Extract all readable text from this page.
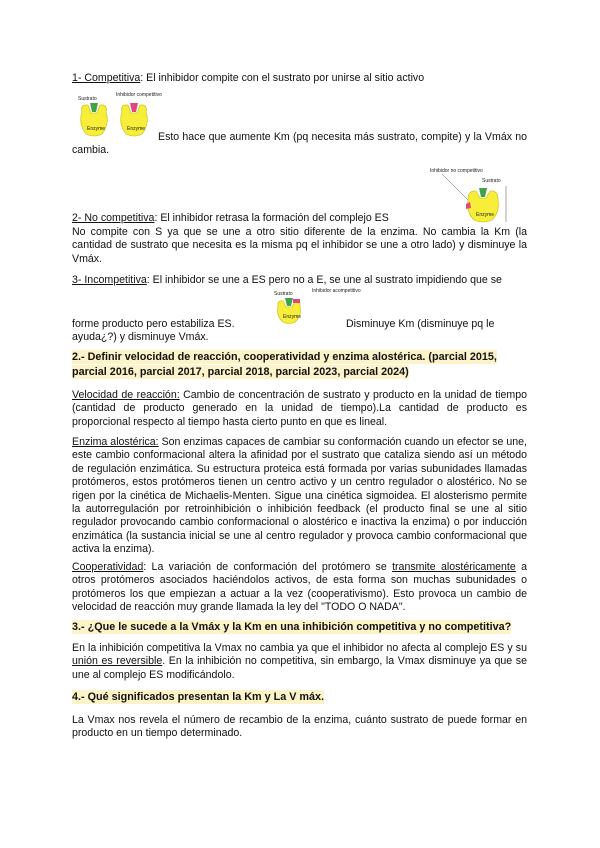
1- Competitiva: El inhibidor compite con el sustrato por unirse al sitio activo

Sustrato
Inhibidor competitivo
Enzyme	Enzyme

Esto hace que aumente Km (pq necesita más sustrato, compite) y la Vmáx no cambia.

Inhibidor no competitivo
Sustrato
Enzyme

2- No competitiva: El inhibidor retrasa la formación del complejo ES

No compite con S ya que se une a otro sitio diferente de la enzima. No cambia la Km (la cantidad de sustrato que necesita es la misma pq el inhibidor se une a otro lado) y disminuye la Vmáx.

3- Incompetitiva: El inhibidor se une a ES pero no a E, se une al sustrato impidiendo que se

Sustrato	Inhibidor acompetitivo
Enzyme

forme producto pero estabiliza ES.	Disminuye Km (disminuye pq le

ayuda¿?) y disminuye Vmáx.

2.- Definir velocidad de reacción, cooperatividad y enzima alostérica. (parcial 2015, parcial 2016, parcial 2017, parcial 2018, parcial 2023, parcial 2024)

Velocidad de reacción: Cambio de concentración de sustrato y producto en la unidad de tiempo (cantidad de producto generado en la unidad de tiempo).La cantidad de producto es proporcional respecto al tiempo hasta cierto punto en que es lineal.

Enzima alostérica: Son enzimas capaces de cambiar su conformación cuando un efector se une, este cambio conformacional altera la afinidad por el sustrato que cataliza siendo así un método de regulación enzimática. Su estructura proteica está formada por varias subunidades llamadas protómeros, estos protómeros tienen un centro activo y un centro regulador o alostérico. No se rigen por la cinética de Michaelis-Menten. Sigue una cinética sigmoidea. El alosterismo permite la autorregulación por retroinhibición o inhibición feedback (el producto final se une al sitio regulador provocando cambio conformacional o alostérico e inactiva la enzima) o por inducción enzimática (la sustancia inicial se une al centro regulador y provoca cambio conformacional que activa la enzima).

Cooperatividad: La variación de conformación del protómero se transmite alostéricamente a otros protómeros asociados haciéndolos activos, de esta forma son muchas subunidades o protómeros los que empiezan a actuar a la vez (cooperativismo). Esto provoca un cambio de velocidad de reacción muy grande llamada la ley del "TODO O NADA".

3.- ¿Que le sucede a la Vmáx y la Km en una inhibición competitiva y no competitiva?

En la inhibición competitiva la Vmax no cambia ya que el inhibidor no afecta al complejo ES y su unión es reversible. En la inhibición no competitiva, sin embargo, la Vmax disminuye ya que se une al complejo ES modificándolo.

4.- Qué significados presentan la Km y La V máx.

La Vmax nos revela el número de recambio de la enzima, cuánto sustrato de puede formar en producto en un tiempo determinado.
